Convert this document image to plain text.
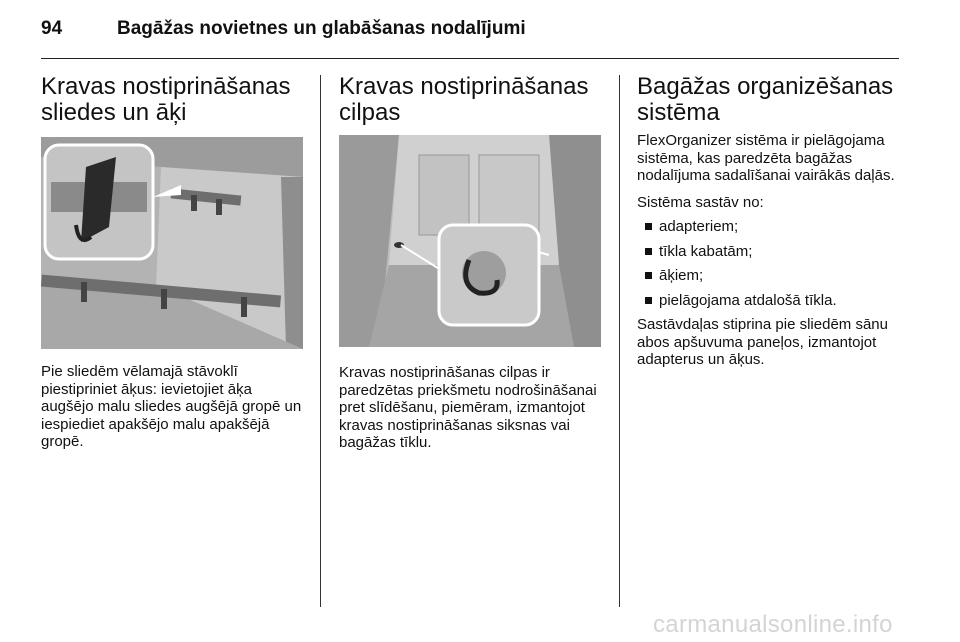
94	Bagāžas novietnes un glabāšanas nodalījumi
Kravas nostiprināšanas sliedes un āķi

Pie sliedēm vēlamajā stāvoklī piestipriniet āķus: ievietojiet āķa augšējo malu sliedes augšējā gropē un iespiediet apakšējo malu apakšējā gropē.

Kravas nostiprināšanas cilpas

Kravas nostiprināšanas cilpas ir paredzētas priekšmetu nodrošināšanai pret slīdēšanu, piemēram, izmantojot kravas nostiprināšanas siksnas vai bagāžas tīklu.

Bagāžas organizēšanas sistēma

FlexOrganizer sistēma ir pielāgojama sistēma, kas paredzēta bagāžas nodalījuma sadalīšanai vairākās daļās.

Sistēma sastāv no:

adapteriem;
tīkla kabatām;
āķiem;
pielāgojama atdalošā tīkla.

Sastāvdaļas stiprina pie sliedēm sānu abos apšuvuma paneļos, izmantojot adapterus un āķus.

carmanualsonline.info
